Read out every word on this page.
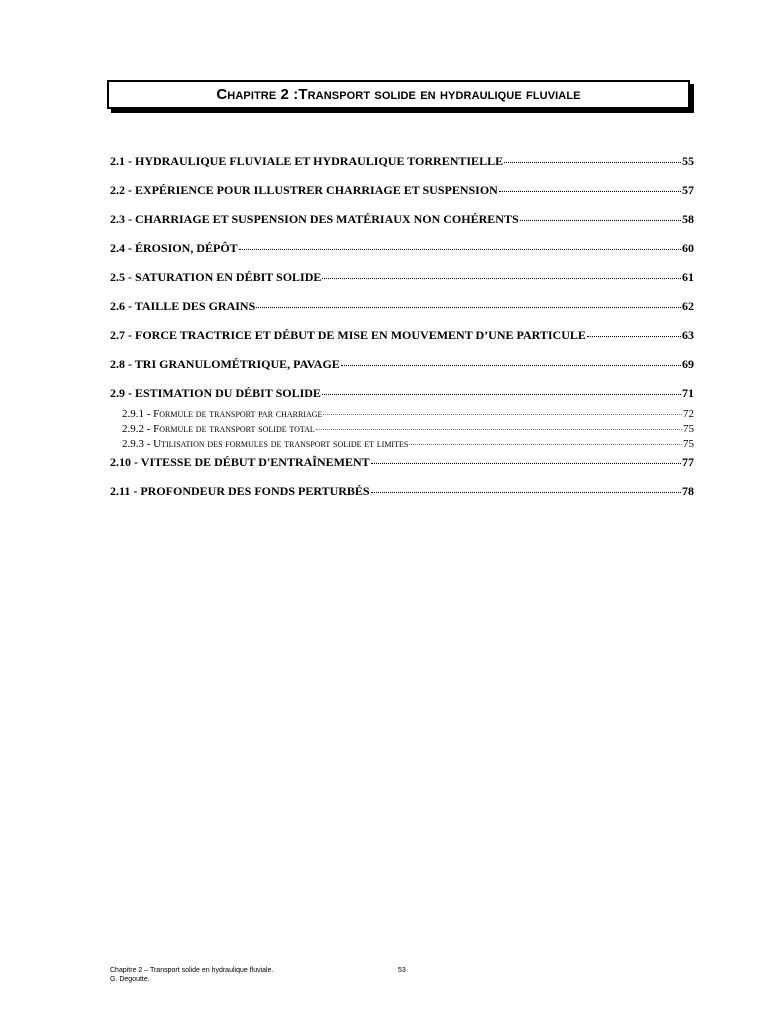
Chapitre 2 : Transport solide en hydraulique fluviale
2.1 - HYDRAULIQUE FLUVIALE ET HYDRAULIQUE TORRENTIELLE	55
2.2 - EXPÉRIENCE POUR ILLUSTRER CHARRIAGE ET SUSPENSION	57
2.3 - CHARRIAGE ET SUSPENSION DES MATÉRIAUX NON COHÉRENTS	58
2.4 - ÉROSION, DÉPÔT	60
2.5 - SATURATION EN DÉBIT SOLIDE	61
2.6 - TAILLE DES GRAINS	62
2.7 - FORCE TRACTRICE ET DÉBUT DE MISE EN MOUVEMENT D’UNE PARTICULE	63
2.8 - TRI GRANULOMÉTRIQUE, PAVAGE	69
2.9 - ESTIMATION DU DÉBIT SOLIDE	71
2.9.1 - Formule de transport par charriage	72
2.9.2 - Formule de transport solide total	75
2.9.3 - Utilisation des formules de transport solide et limites	75
2.10 - VITESSE DE DÉBUT D'ENTRAÎNEMENT	77
2.11 - PROFONDEUR DES FONDS PERTURBÉS	78
Chapitre 2 – Transport solide en hydraulique fluviale.
G. Degoutte.
53
